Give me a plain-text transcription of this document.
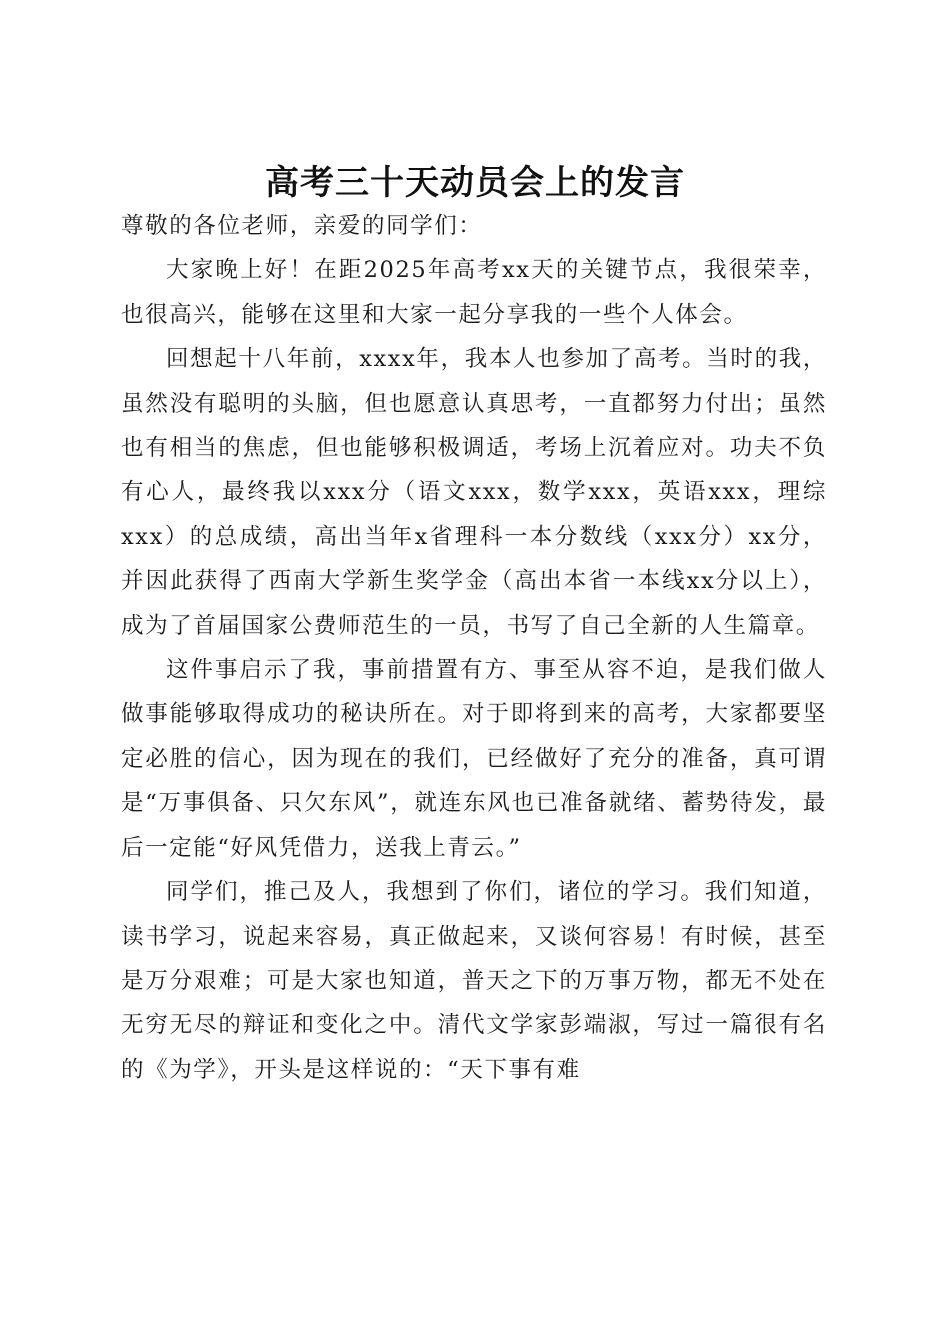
高考三十天动员会上的发言

尊敬的各位老师，亲爱的同学们：

大家晚上好！在距2025年高考xx天的关键节点，我很荣幸，也很高兴，能够在这里和大家一起分享我的一些个人体会。

回想起十八年前，xxxx年，我本人也参加了高考。当时的我，虽然没有聪明的头脑，但也愿意认真思考，一直都努力付出；虽然也有相当的焦虑，但也能够积极调适，考场上沉着应对。功夫不负有心人，最终我以xxx分（语文xxx，数学xxx，英语xxx，理综xxx）的总成绩，高出当年x省理科一本分数线（xxx分）xx分，并因此获得了西南大学新生奖学金（高出本省一本线xx分以上），成为了首届国家公费师范生的一员，书写了自己全新的人生篇章。

这件事启示了我，事前措置有方、事至从容不迫，是我们做人做事能够取得成功的秘诀所在。对于即将到来的高考，大家都要坚定必胜的信心，因为现在的我们，已经做好了充分的准备，真可谓是“万事俱备、只欠东风”，就连东风也已准备就绪、蓄势待发，最后一定能“好风凭借力，送我上青云。”

同学们，推己及人，我想到了你们，诸位的学习。我们知道，读书学习，说起来容易，真正做起来，又谈何容易！有时候，甚至是万分艰难；可是大家也知道，普天之下的万事万物，都无不处在无穷无尽的辩证和变化之中。清代文学家彭端淑，写过一篇很有名的《为学》，开头是这样说的：“天下事有难
